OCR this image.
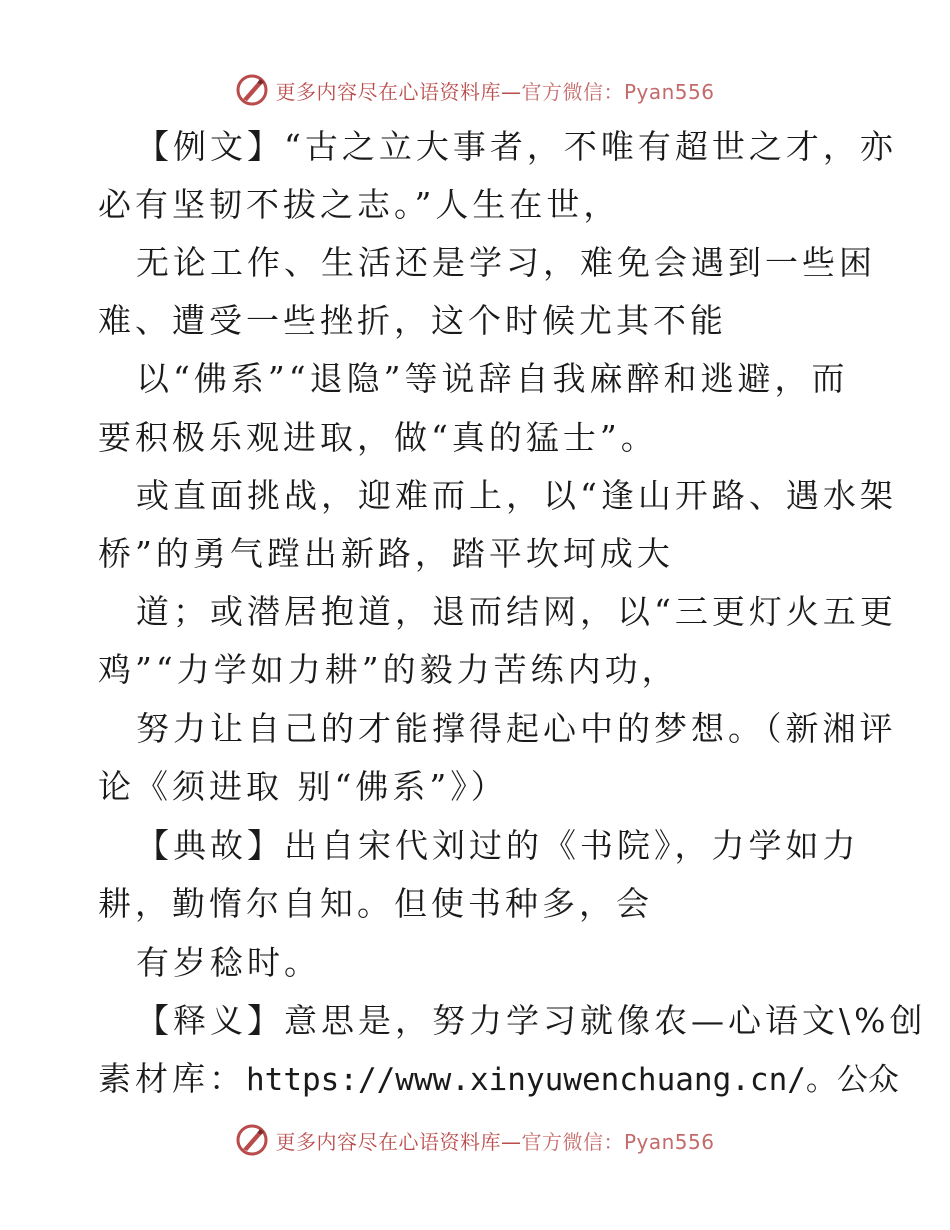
更多内容尽在心语资料库—官方微信：Pyan556
【例文】“古之立大事者，不唯有超世之才，亦
必有坚韧不拔之志。”人生在世，
无论工作、生活还是学习，难免会遇到一些困
难、遭受一些挫折，这个时候尤其不能
以“佛系”“退隐”等说辞自我麻醉和逃避，而
要积极乐观进取，做“真的猛士”。
或直面挑战，迎难而上，以“逢山开路、遇水架
桥”的勇气蹚出新路，踏平坎坷成大
道；或潜居抱道，退而结网，以“三更灯火五更
鸡”“力学如力耕”的毅力苦练内功，
努力让自己的才能撑得起心中的梦想。（新湘评
论《须进取 别“佛系”》）
【典故】出自宋代刘过的《书院》，力学如力
耕，勤惰尔自知。但使书种多，会
有岁稔时。
【释义】意思是，努力学习就像农—心语文\%创
素材库：https://www.xinyuwenchuang.cn/。公众
更多内容尽在心语资料库—官方微信：Pyan556
